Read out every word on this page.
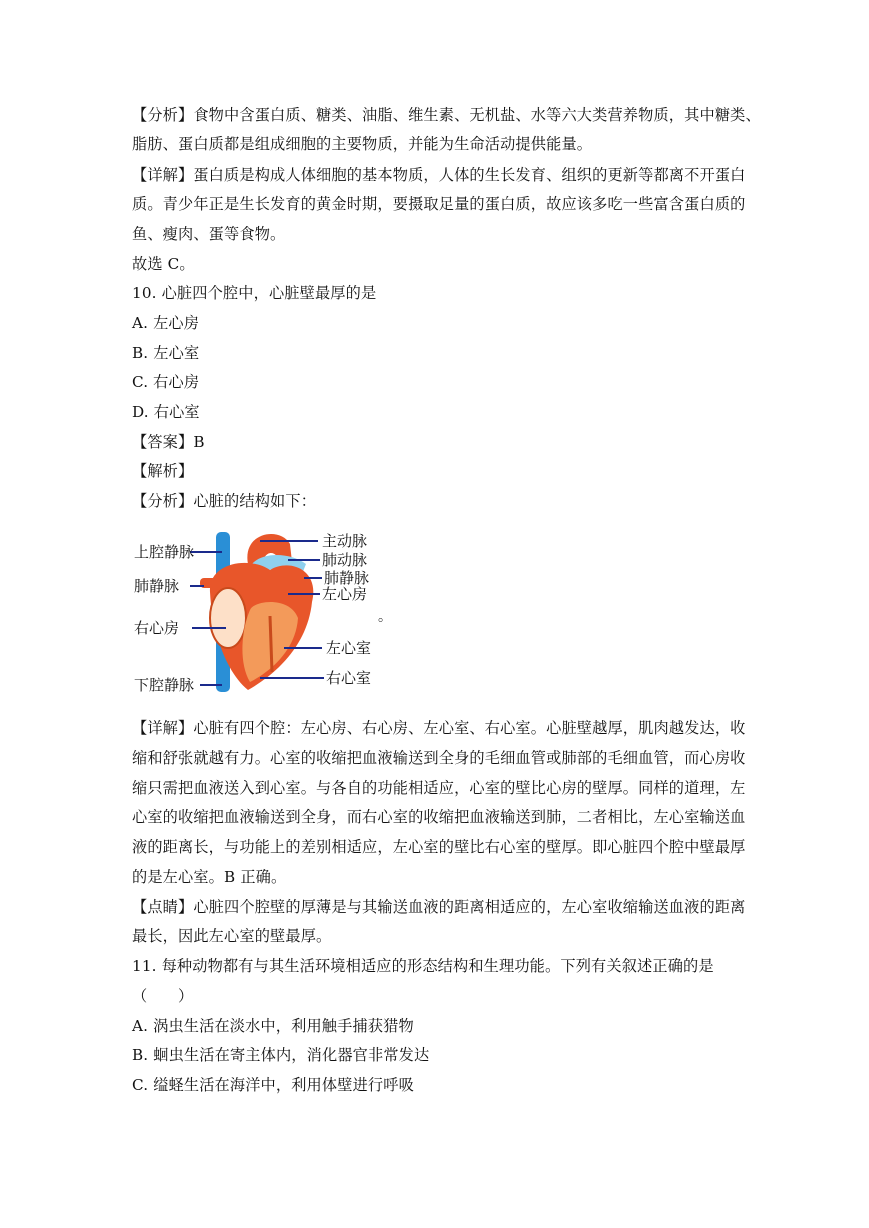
【分析】食物中含蛋白质、糖类、油脂、维生素、无机盐、水等六大类营养物质，其中糖类、
脂肪、蛋白质都是组成细胞的主要物质，并能为生命活动提供能量。
【详解】蛋白质是构成人体细胞的基本物质，人体的生长发育、组织的更新等都离不开蛋白
质。青少年正是生长发育的黄金时期，要摄取足量的蛋白质，故应该多吃一些富含蛋白质的
鱼、瘦肉、蛋等食物。
故选 C。
10. 心脏四个腔中，心脏壁最厚的是
A. 左心房
B. 左心室
C. 右心房
D. 右心室
【答案】B
【解析】
【分析】心脏的结构如下：
上腔静脉
肺静脉
右心房
下腔静脉
主动脉
肺动脉
肺静脉
左心房
左心室
右心室
。
【详解】心脏有四个腔：左心房、右心房、左心室、右心室。心脏壁越厚，肌肉越发达，收
缩和舒张就越有力。心室的收缩把血液输送到全身的毛细血管或肺部的毛细血管，而心房收
缩只需把血液送入到心室。与各自的功能相适应，心室的壁比心房的壁厚。同样的道理，左
心室的收缩把血液输送到全身，而右心室的收缩把血液输送到肺，二者相比，左心室输送血
液的距离长，与功能上的差别相适应，左心室的壁比右心室的壁厚。即心脏四个腔中壁最厚
的是左心室。B 正确。
【点睛】心脏四个腔壁的厚薄是与其输送血液的距离相适应的，左心室收缩输送血液的距离
最长，因此左心室的壁最厚。
11. 每种动物都有与其生活环境相适应的形态结构和生理功能。下列有关叙述正确的是
（　　）
A. 涡虫生活在淡水中，利用触手捕获猎物
B. 蛔虫生活在寄主体内，消化器官非常发达
C. 缢蛏生活在海洋中，利用体壁进行呼吸
